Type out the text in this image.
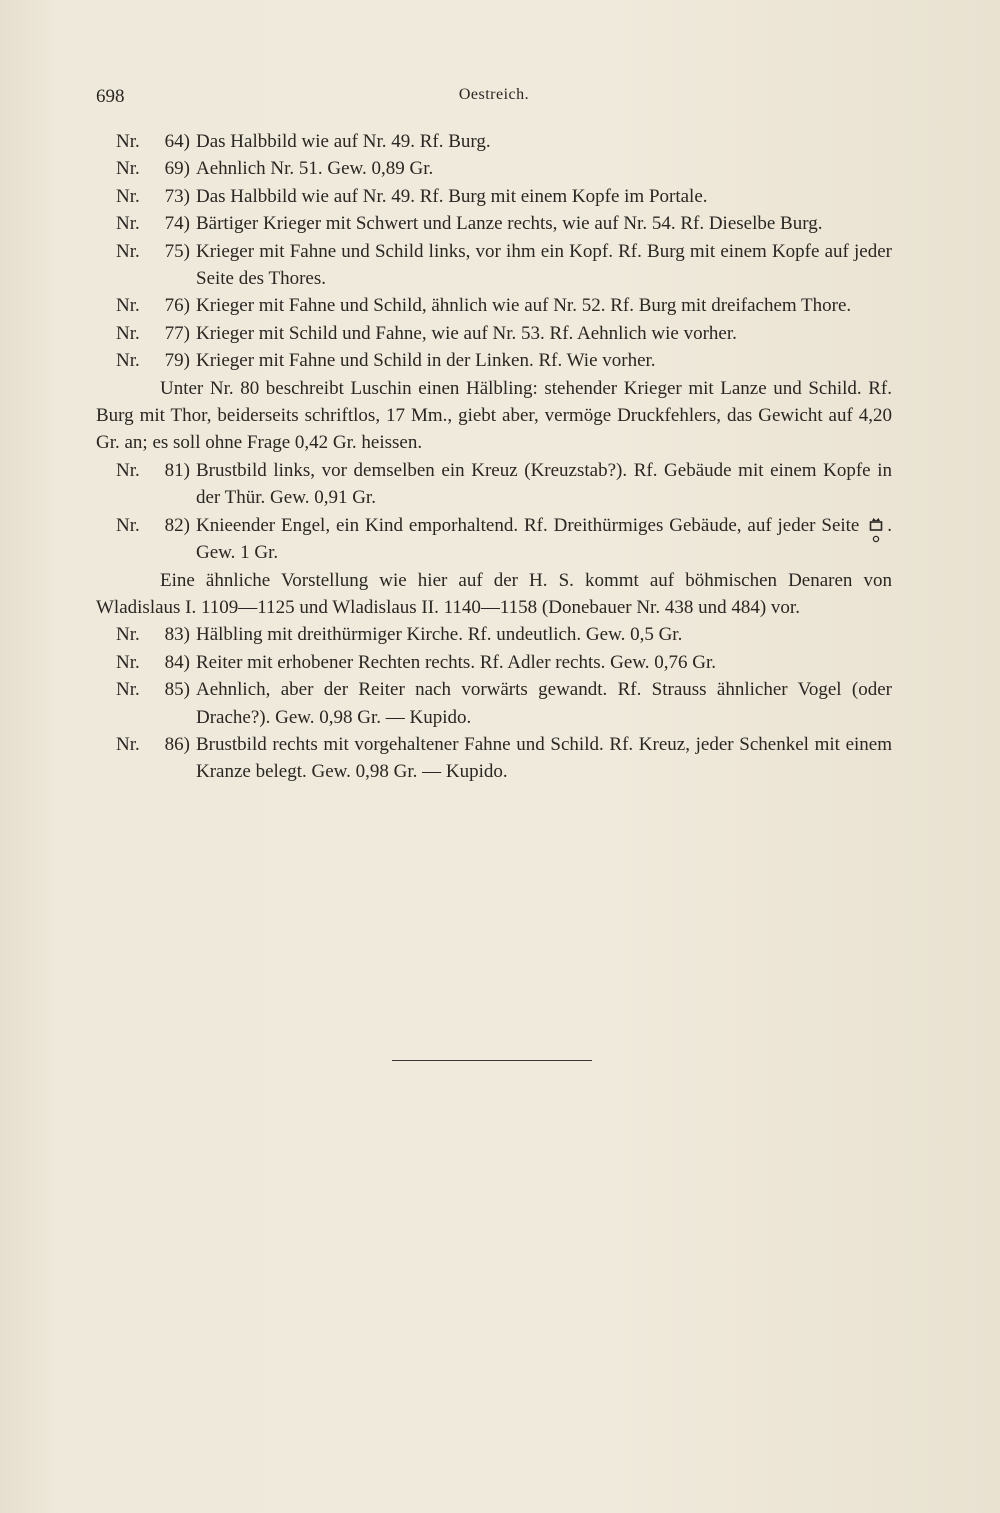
698	Oestreich.
Nr.	64) Das Halbbild wie auf Nr. 49. Rf. Burg.
Nr.	69) Aehnlich Nr. 51. Gew. 0,89 Gr.
Nr.	73) Das Halbbild wie auf Nr. 49. Rf. Burg mit einem Kopfe im Portale.
Nr.	74) Bärtiger Krieger mit Schwert und Lanze rechts, wie auf Nr. 54. Rf. Dieselbe Burg.
Nr.	75) Krieger mit Fahne und Schild links, vor ihm ein Kopf. Rf. Burg mit einem Kopfe auf jeder Seite des Thores.
Nr.	76) Krieger mit Fahne und Schild, ähnlich wie auf Nr. 52. Rf. Burg mit dreifachem Thore.
Nr.	77) Krieger mit Schild und Fahne, wie auf Nr. 53. Rf. Aehnlich wie vorher.
Nr.	79) Krieger mit Fahne und Schild in der Linken. Rf. Wie vorher.

Unter Nr. 80 beschreibt Luschin einen Hälbling: stehender Krieger mit Lanze und Schild. Rf. Burg mit Thor, beiderseits schriftlos, 17 Mm., giebt aber, vermöge Druckfehlers, das Gewicht auf 4,20 Gr. an; es soll ohne Frage 0,42 Gr. heissen.

Nr.	81) Brustbild links, vor demselben ein Kreuz (Kreuzstab?). Rf. Gebäude mit einem Kopfe in der Thür. Gew. 0,91 Gr.
Nr.	82) Knieender Engel, ein Kind emporhaltend. Rf. Dreithürmiges Gebäude, auf jeder Seite . Gew. 1 Gr.

Eine ähnliche Vorstellung wie hier auf der H. S. kommt auf böhmischen Denaren von Wladislaus I. 1109—1125 und Wladislaus II. 1140—1158 (Donebauer Nr. 438 und 484) vor.

Nr.	83) Hälbling mit dreithürmiger Kirche. Rf. undeutlich. Gew. 0,5 Gr.
Nr.	84) Reiter mit erhobener Rechten rechts. Rf. Adler rechts. Gew. 0,76 Gr.
Nr.	85) Aehnlich, aber der Reiter nach vorwärts gewandt. Rf. Strauss ähnlicher Vogel (oder Drache?). Gew. 0,98 Gr. — Kupido.
Nr.	86) Brustbild rechts mit vorgehaltener Fahne und Schild. Rf. Kreuz, jeder Schenkel mit einem Kranze belegt. Gew. 0,98 Gr. — Kupido.
